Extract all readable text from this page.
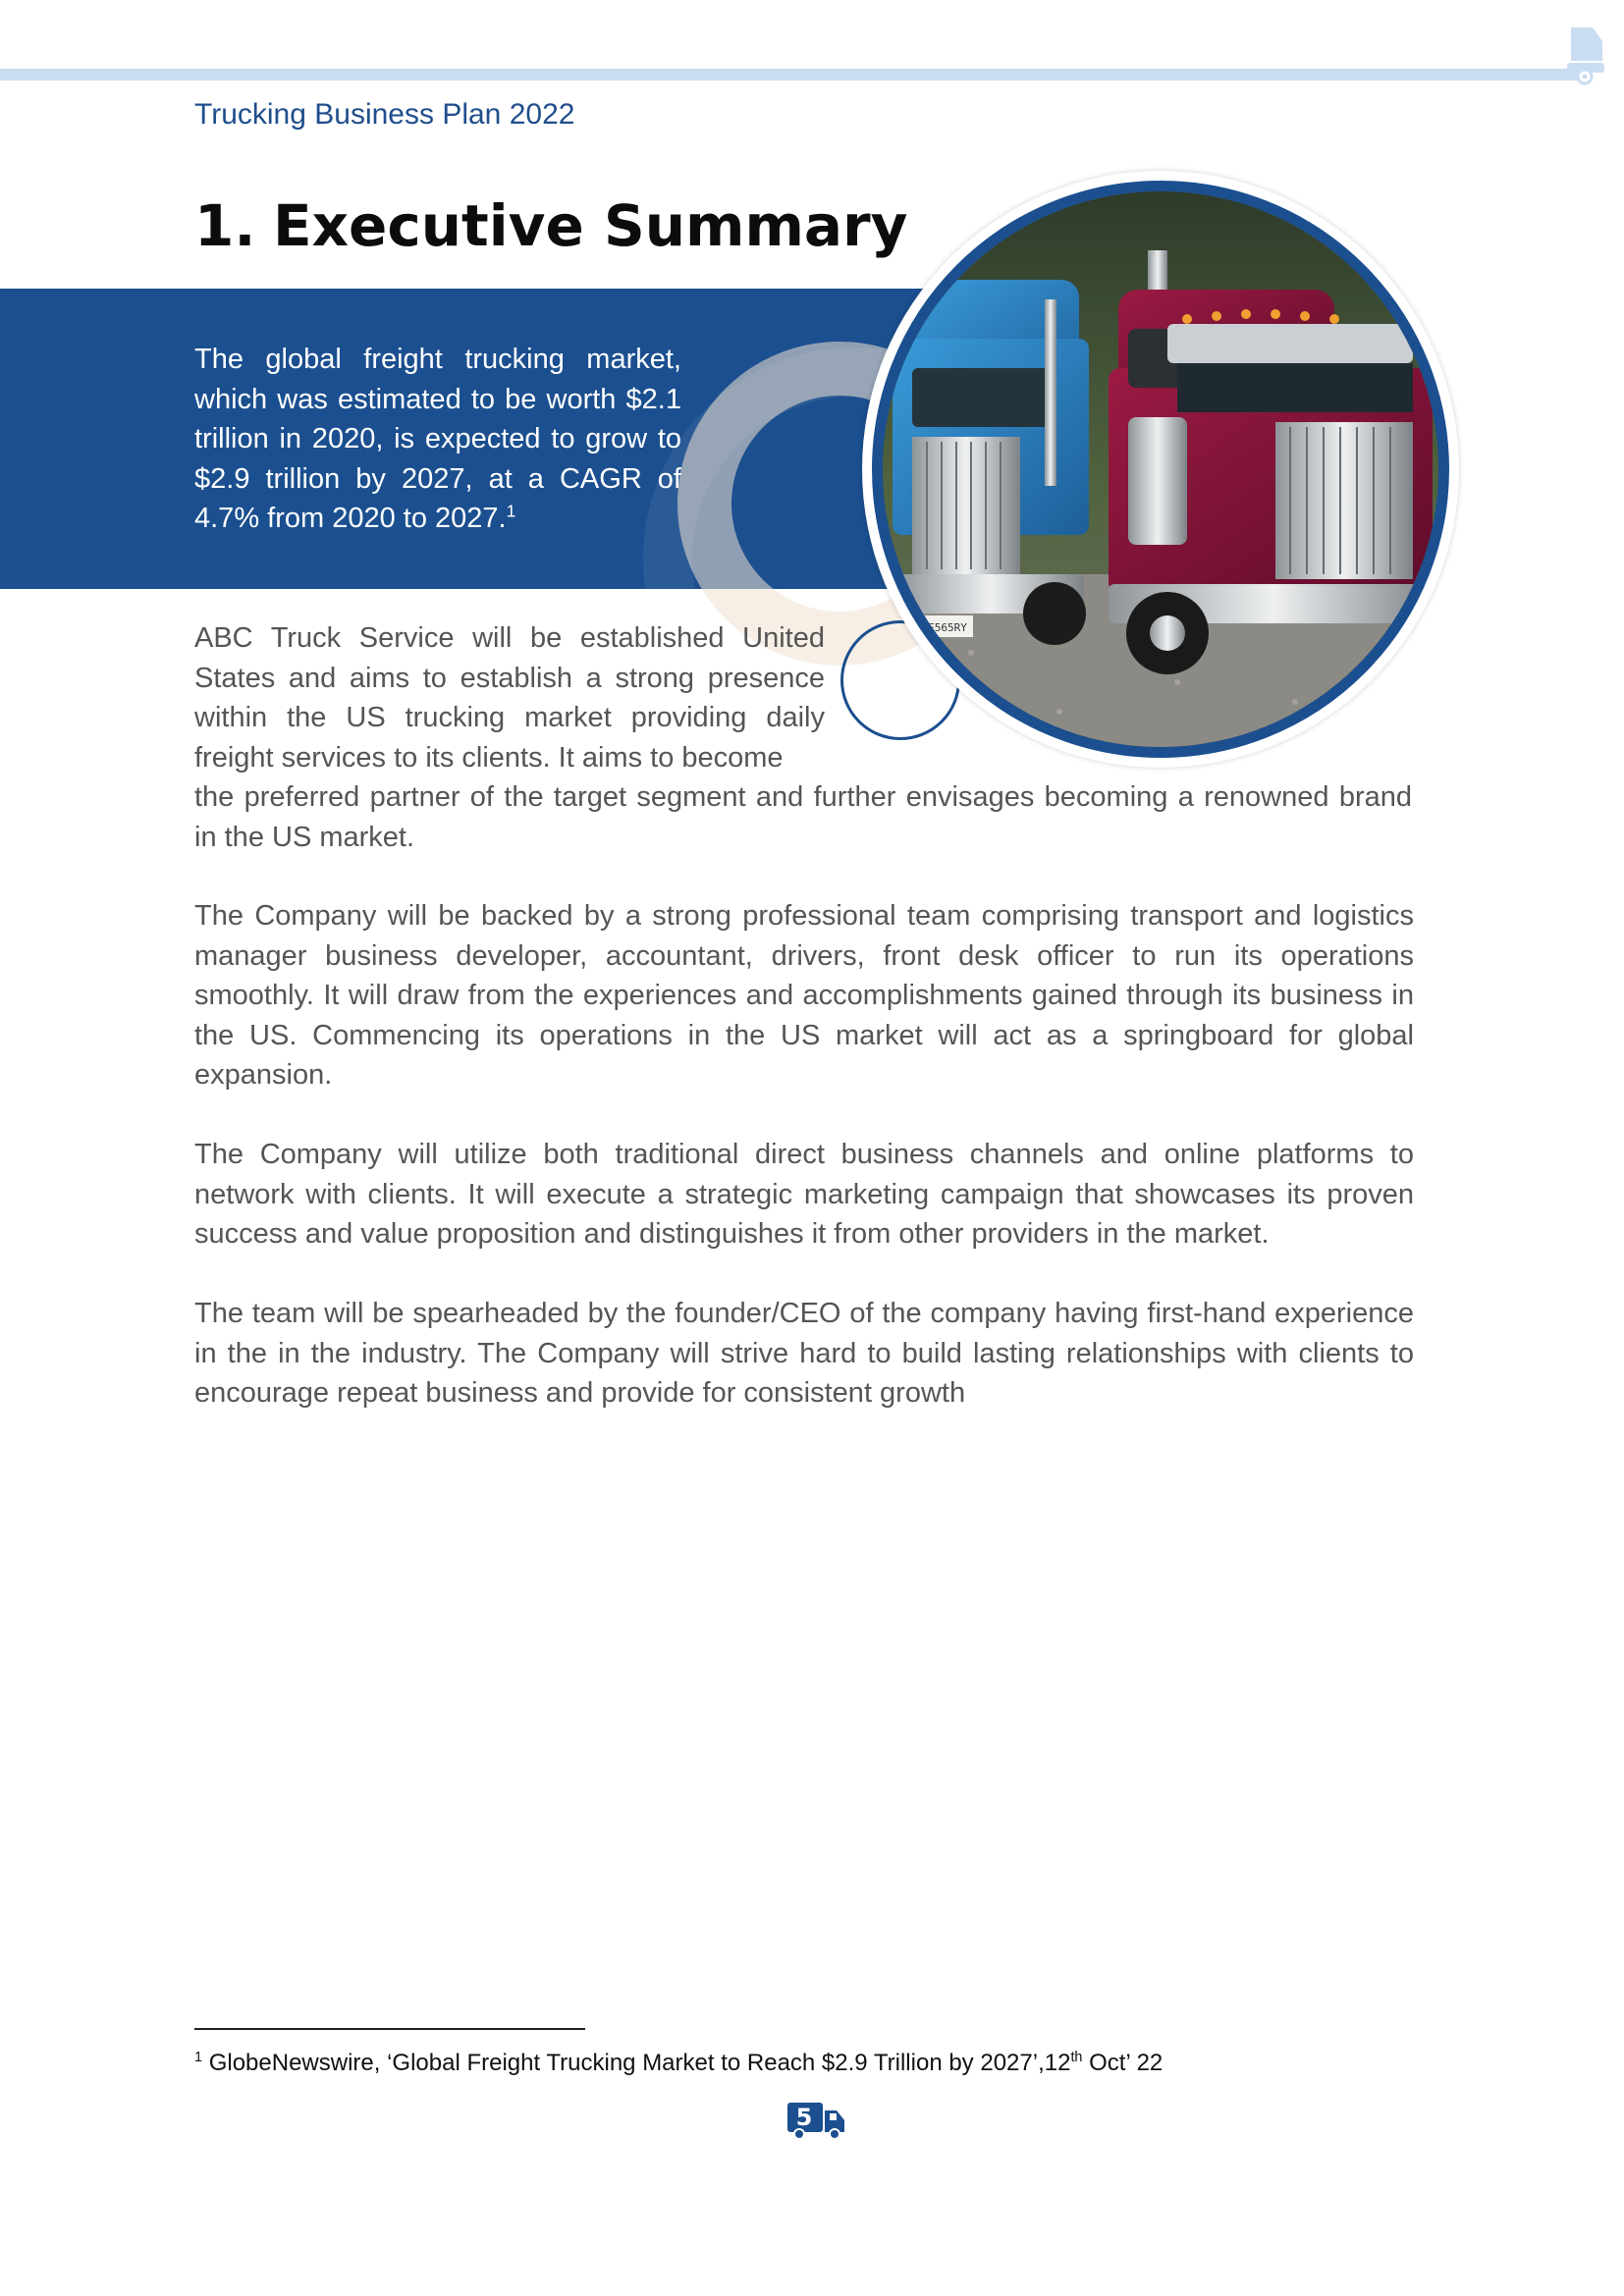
Trucking Business Plan 2022
1. Executive Summary

The global freight trucking market, which was estimated to be worth $2.1 trillion in 2020, is expected to grow to $2.9 trillion by 2027, at a CAGR of 4.7% from 2020 to 2027.$^1$

E565RY

ABC Truck Service will be established United States and aims to establish a strong presence within the US trucking market providing daily freight services to its clients. It aims to become

the preferred partner of the target segment and further envisages becoming a renowned brand in the US market.

The Company will be backed by a strong professional team comprising transport and logistics manager business developer, accountant, drivers, front desk officer to run its operations smoothly. It will draw from the experiences and accomplishments gained through its business in the US. Commencing its operations in the US market will act as a springboard for global expansion.

The Company will utilize both traditional direct business channels and online platforms to network with clients. It will execute a strategic marketing campaign that showcases its proven success and value proposition and distinguishes it from other providers in the market.

The team will be spearheaded by the founder/CEO of the company having first-hand experience in the in the industry. The Company will strive hard to build lasting relationships with clients to encourage repeat business and provide for consistent growth

$^1$ GlobeNewswire, ‘Global Freight Trucking Market to Reach $2.9 Trillion by 2027’,12th Oct’ 22

5
